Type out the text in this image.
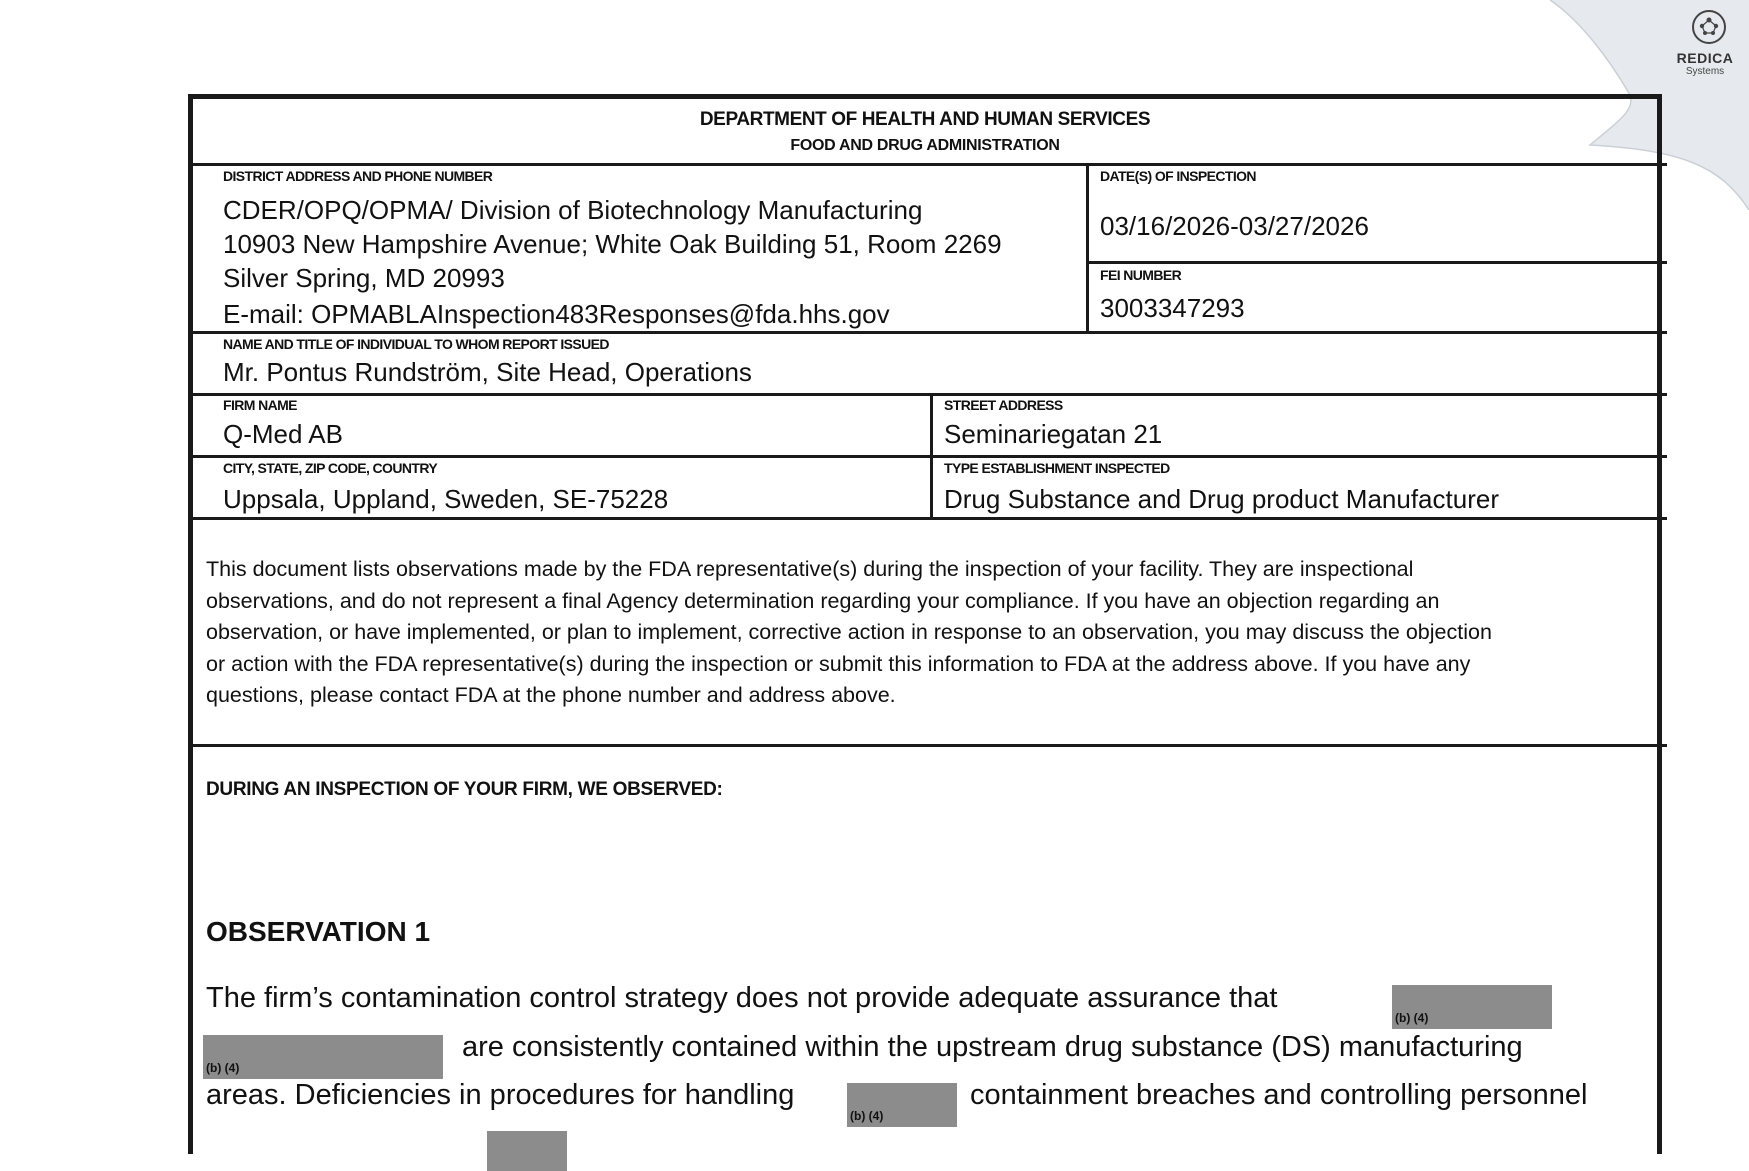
REDICA
Systems
DEPARTMENT OF HEALTH AND HUMAN SERVICES
FOOD AND DRUG ADMINISTRATION
DISTRICT ADDRESS AND PHONE NUMBER
CDER/OPQ/OPMA/ Division of Biotechnology Manufacturing
10903 New Hampshire Avenue; White Oak Building 51, Room 2269
Silver Spring, MD 20993
E-mail: OPMABLAInspection483Responses@fda.hhs.gov
DATE(S) OF INSPECTION
03/16/2026-03/27/2026
FEI NUMBER
3003347293
NAME AND TITLE OF INDIVIDUAL TO WHOM REPORT ISSUED
Mr. Pontus Rundström, Site Head, Operations
FIRM NAME
Q-Med AB
STREET ADDRESS
Seminariegatan 21
CITY, STATE, ZIP CODE, COUNTRY
Uppsala, Uppland, Sweden, SE-75228
TYPE ESTABLISHMENT INSPECTED
Drug Substance and Drug product Manufacturer
This document lists observations made by the FDA representative(s) during the inspection of your facility. They are inspectional
observations, and do not represent a final Agency determination regarding your compliance. If you have an objection regarding an
observation, or have implemented, or plan to implement, corrective action in response to an observation, you may discuss the objection
or action with the FDA representative(s) during the inspection or submit this information to FDA at the address above. If you have any
questions, please contact FDA at the phone number and address above.
DURING AN INSPECTION OF YOUR FIRM, WE OBSERVED:
OBSERVATION 1
The firm’s contamination control strategy does not provide adequate assurance that
(b) (4)
(b) (4)
are consistently contained within the upstream drug substance (DS) manufacturing
areas. Deficiencies in procedures for handling
(b) (4)
containment breaches and controlling personnel
